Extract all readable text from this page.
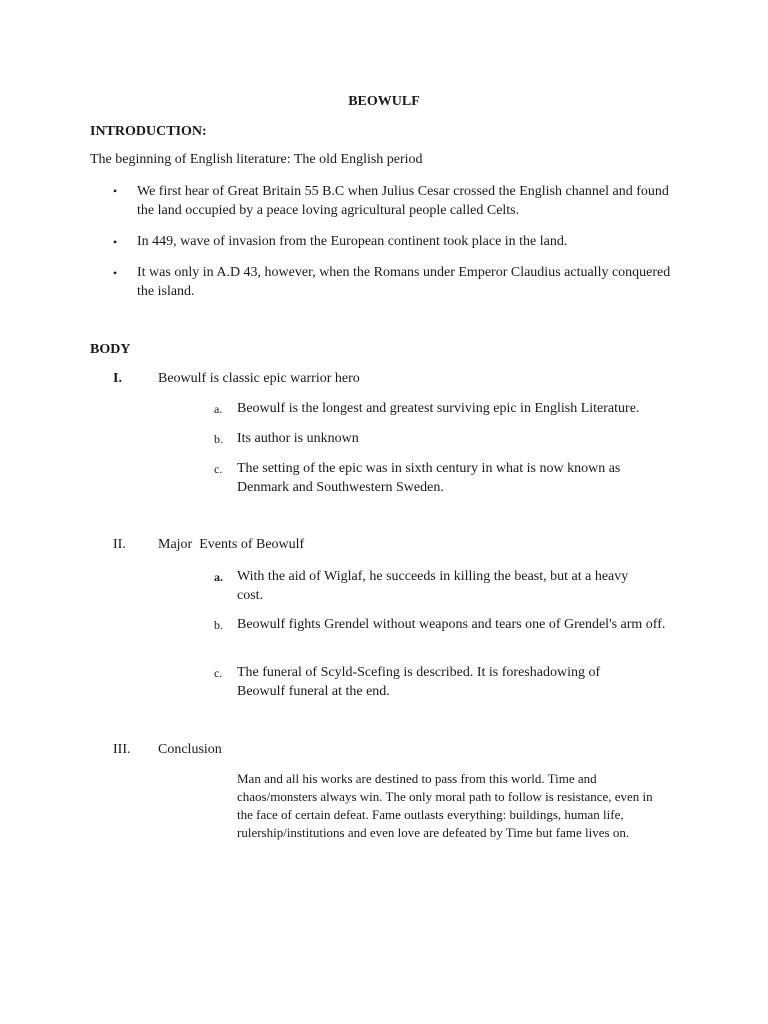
BEOWULF
INTRODUCTION:
The beginning of English literature: The old English period
• We first hear of Great Britain 55 B.C when Julius Cesar crossed the English channel and found the land occupied by a peace loving agricultural people called Celts.
• In 449, wave of invasion from the European continent took place in the land.
• It was only in A.D 43, however, when the Romans under Emperor Claudius actually conquered the island.
BODY
I.	Beowulf is classic epic warrior hero
a. Beowulf is the longest and greatest surviving epic in English Literature.
b. Its author is unknown
c. The setting of the epic was in sixth century in what is now known as Denmark and Southwestern Sweden.
II. Major  Events of Beowulf
a. With the aid of Wiglaf, he succeeds in killing the beast, but at a heavy cost.
b. Beowulf fights Grendel without weapons and tears one of Grendel's arm off.
c. The funeral of Scyld-Scefing is described. It is foreshadowing of Beowulf funeral at the end.
III. Conclusion
Man and all his works are destined to pass from this world. Time and chaos/monsters always win. The only moral path to follow is resistance, even in the face of certain defeat. Fame outlasts everything: buildings, human life, rulership/institutions and even love are defeated by Time but fame lives on.
